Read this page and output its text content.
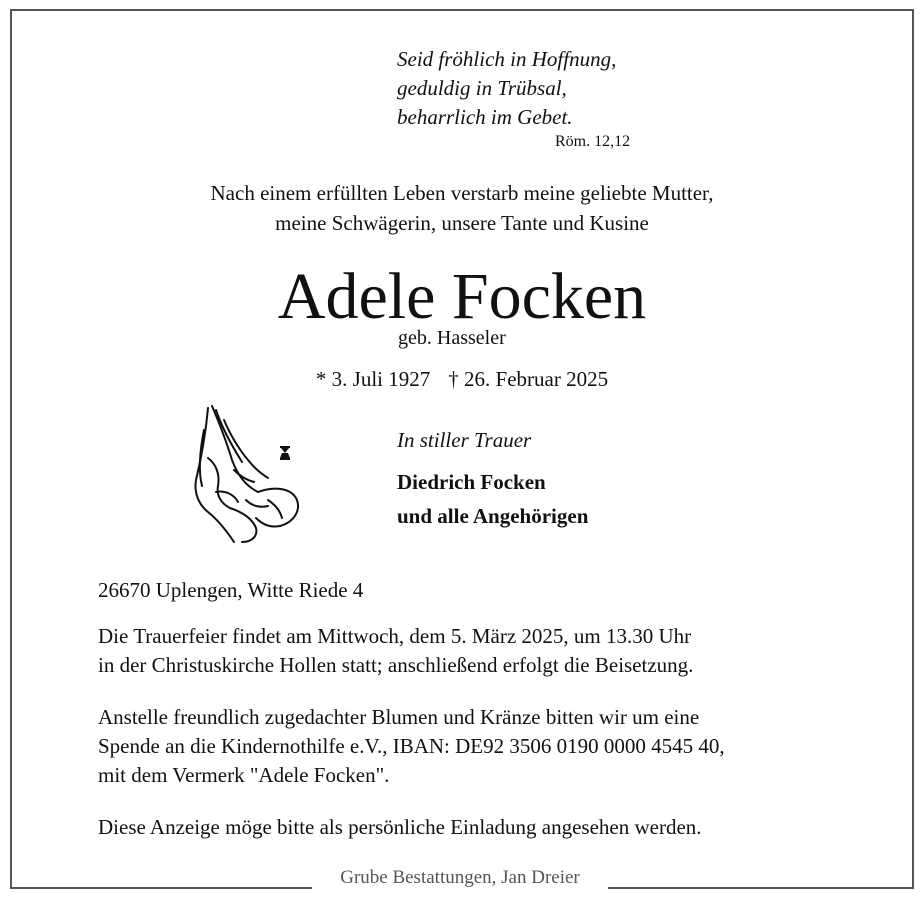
Grube Bestattungen, Jan Dreier
Seid fröhlich in Hoffnung,
geduldig in Trübsal,
beharrlich im Gebet.
Röm. 12,12
Nach einem erfüllten Leben verstarb meine geliebte Mutter,
meine Schwägerin, unsere Tante und Kusine
Adele Focken
geb. Hasseler
* 3. Juli 1927 † 26. Februar 2025
In stiller Trauer
Diedrich Focken
und alle Angehörigen
26670 Uplengen, Witte Riede 4
Die Trauerfeier findet am Mittwoch, dem 5. März 2025, um 13.30 Uhr
in der Christuskirche Hollen statt; anschließend erfolgt die Beisetzung.
Anstelle freundlich zugedachter Blumen und Kränze bitten wir um eine
Spende an die Kindernothilfe e.V., IBAN: DE92 3506 0190 0000 4545 40,
mit dem Vermerk "Adele Focken".
Diese Anzeige möge bitte als persönliche Einladung angesehen werden.
